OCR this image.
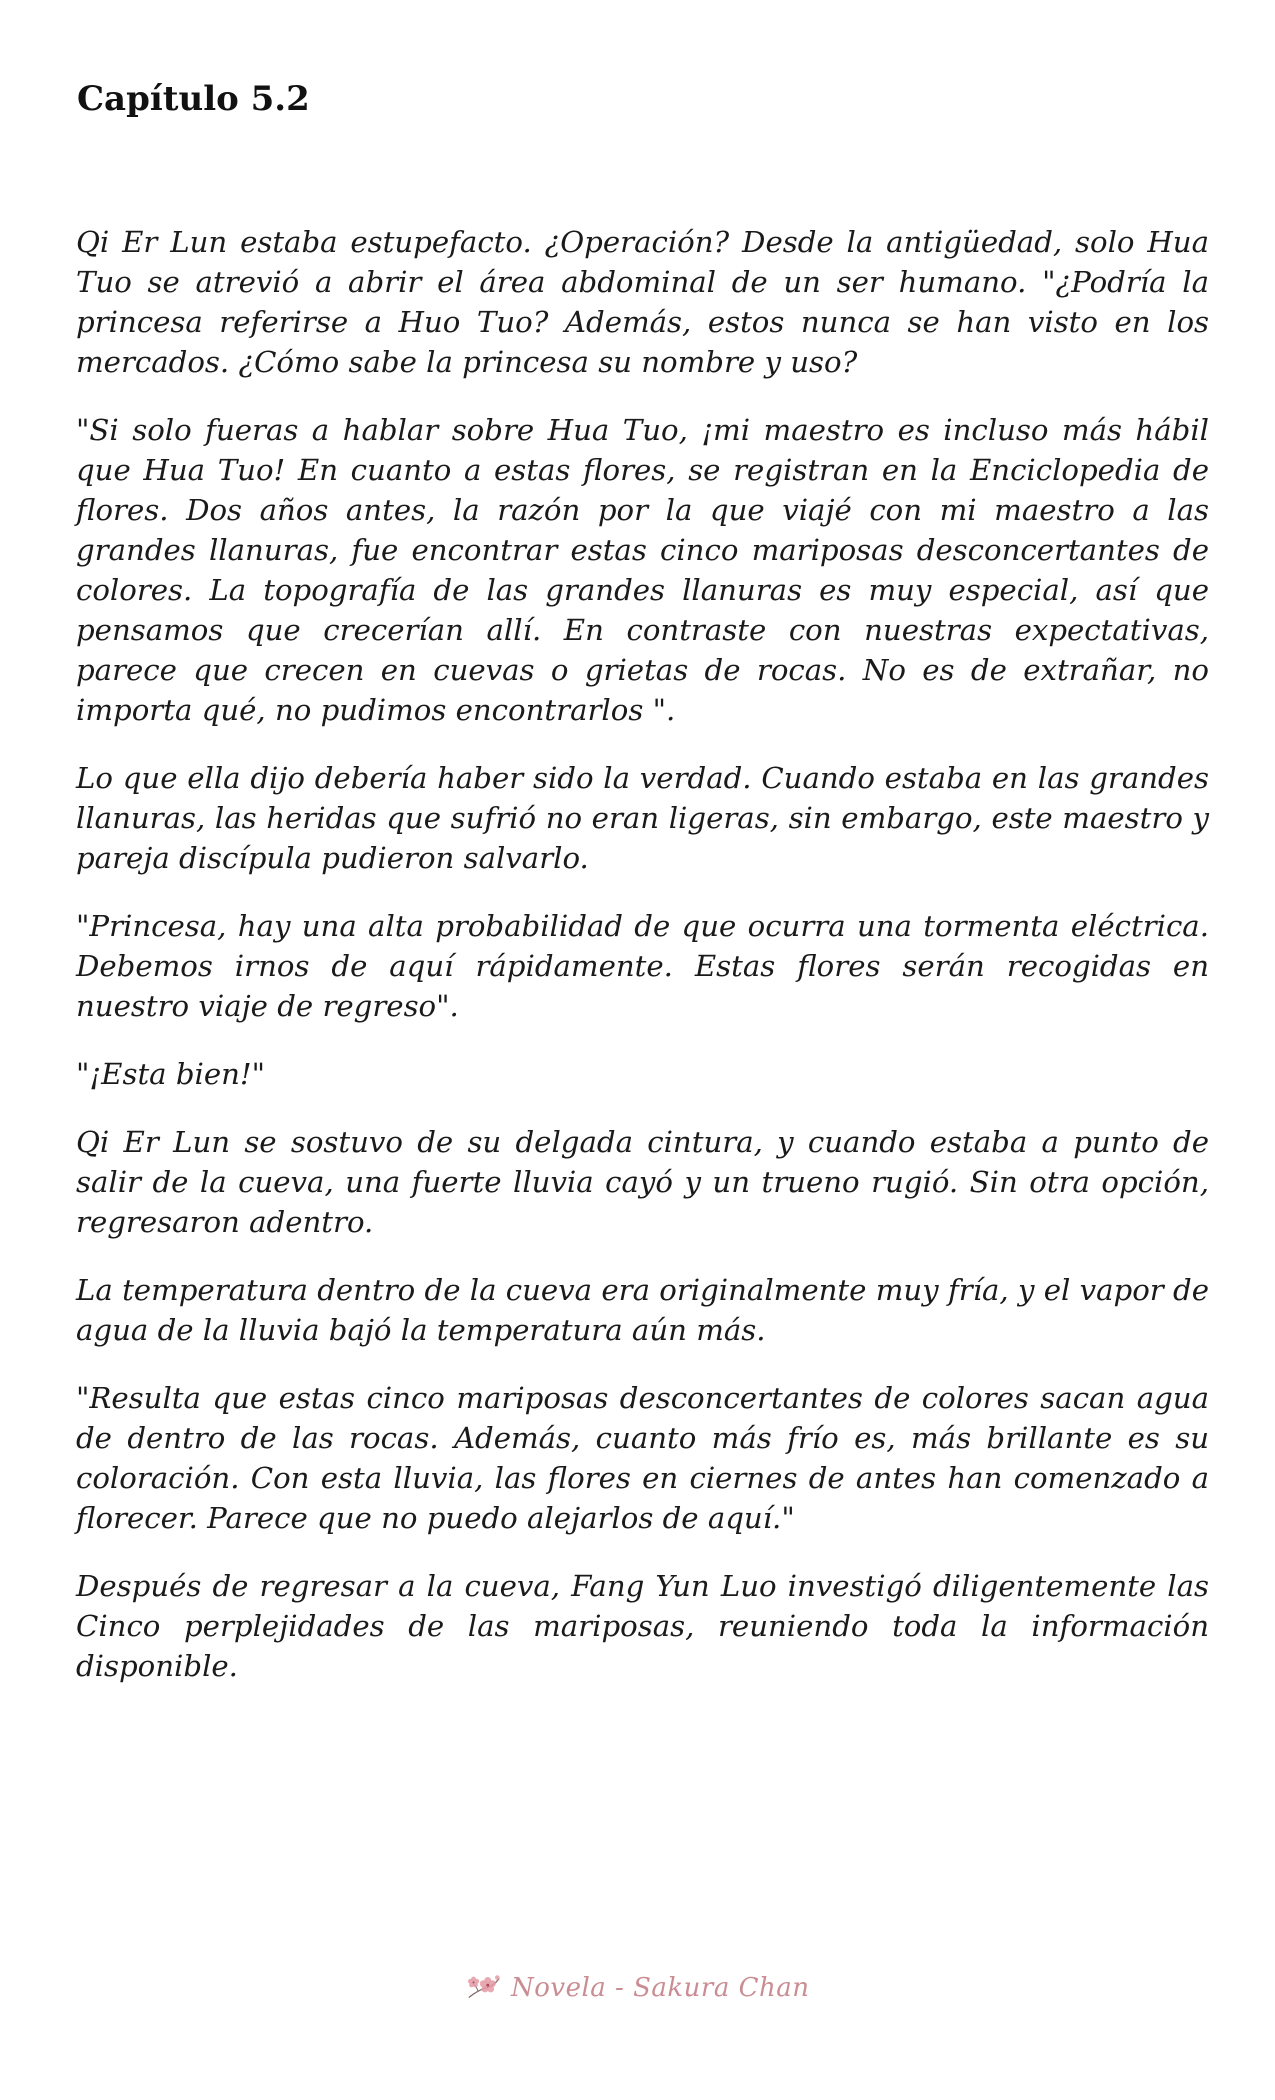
Capítulo 5.2

Qi Er Lun estaba estupefacto. ¿Operación? Desde la antigüedad, solo Hua Tuo se atrevió a abrir el área abdominal de un ser humano. "¿Podría la princesa referirse a Huo Tuo? Además, estos nunca se han visto en los mercados. ¿Cómo sabe la princesa su nombre y uso?

"Si solo fueras a hablar sobre Hua Tuo, ¡mi maestro es incluso más hábil que Hua Tuo! En cuanto a estas flores, se registran en la Enciclopedia de flores. Dos años antes, la razón por la que viajé con mi maestro a las grandes llanuras, fue encontrar estas cinco mariposas desconcertantes de colores. La topografía de las grandes llanuras es muy especial, así que pensamos que crecerían allí. En contraste con nuestras expectativas, parece que crecen en cuevas o grietas de rocas. No es de extrañar, no importa qué, no pudimos encontrarlos ".

Lo que ella dijo debería haber sido la verdad. Cuando estaba en las grandes llanuras, las heridas que sufrió no eran ligeras, sin embargo, este maestro y pareja discípula pudieron salvarlo.

"Princesa, hay una alta probabilidad de que ocurra una tormenta eléctrica. Debemos irnos de aquí rápidamente. Estas flores serán recogidas en nuestro viaje de regreso".

"¡Esta bien!"

Qi Er Lun se sostuvo de su delgada cintura, y cuando estaba a punto de salir de la cueva, una fuerte lluvia cayó y un trueno rugió. Sin otra opción, regresaron adentro.

La temperatura dentro de la cueva era originalmente muy fría, y el vapor de agua de la lluvia bajó la temperatura aún más.

"Resulta que estas cinco mariposas desconcertantes de colores sacan agua de dentro de las rocas. Además, cuanto más frío es, más brillante es su coloración. Con esta lluvia, las flores en ciernes de antes han comenzado a florecer. Parece que no puedo alejarlos de aquí."

Después de regresar a la cueva, Fang Yun Luo investigó diligentemente las Cinco perplejidades de las mariposas, reuniendo toda la información disponible.

Novela - Sakura Chan
